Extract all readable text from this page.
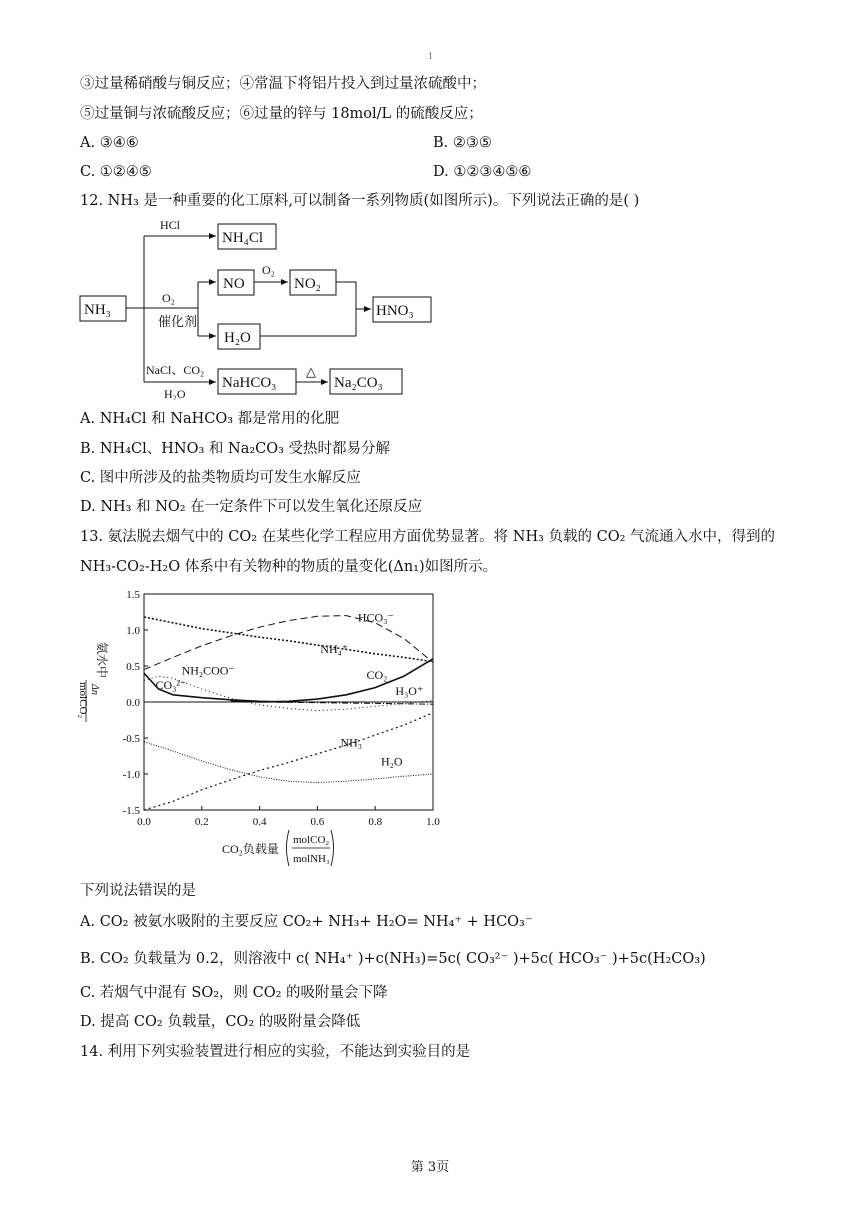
1
③过量稀硝酸与铜反应；④常温下将铝片投入到过量浓硫酸中；
⑤过量铜与浓硫酸反应；⑥过量的锌与 18mol/L 的硫酸反应；
A. ③④⑥	B. ②③⑤
C. ①②④⑤	D. ①②③④⑤⑥
12. NH₃ 是一种重要的化工原料,可以制备一系列物质(如图所示)。下列说法正确的是( )
NH₃
NH₄Cl
NO	NO₂
H₂O
HNO₃
NaHCO₃	Na₂CO₃
HCl
O₂
O₂
催化剂
NaCl、CO₂
H₂O
△
A. NH₄Cl 和 NaHCO₃ 都是常用的化肥
B. NH₄Cl、HNO₃ 和 Na₂CO₃ 受热时都易分解
C. 图中所涉及的盐类物质均可发生水解反应
D. NH₃ 和 NO₂ 在一定条件下可以发生氧化还原反应
13. 氨法脱去烟气中的 CO₂ 在某些化学工程应用方面优势显著。将 NH₃ 负载的 CO₂ 气流通入水中，得到的
NH₃-CO₂-H₂O 体系中有关物种的物质的量变化(Δn₁)如图所示。
1.5
1.0
0.5
0.0
-0.5
-1.0
-1.5
0.0	0.2	0.4	0.6	0.8	1.0
HCO₃⁻
NH₄⁺
NH₂COO⁻
CO₃²⁻
CO₂
H₃O⁺
NH₃
H₂O
氨水中
Δn
molCO₂
CO₂负载量
molCO₂
molNH₃
下列说法错误的是
A. CO₂ 被氨水吸附的主要反应 CO₂+ NH₃+ H₂O= NH₄⁺ + HCO₃⁻
B. CO₂ 负载量为 0.2，则溶液中 c( NH₄⁺ )+c(NH₃)=5c( CO₃²⁻ )+5c( HCO₃⁻ )+5c(H₂CO₃)
C. 若烟气中混有 SO₂，则 CO₂ 的吸附量会下降
D. 提高 CO₂ 负载量，CO₂ 的吸附量会降低
14. 利用下列实验装置进行相应的实验，不能达到实验目的是
第 3页
